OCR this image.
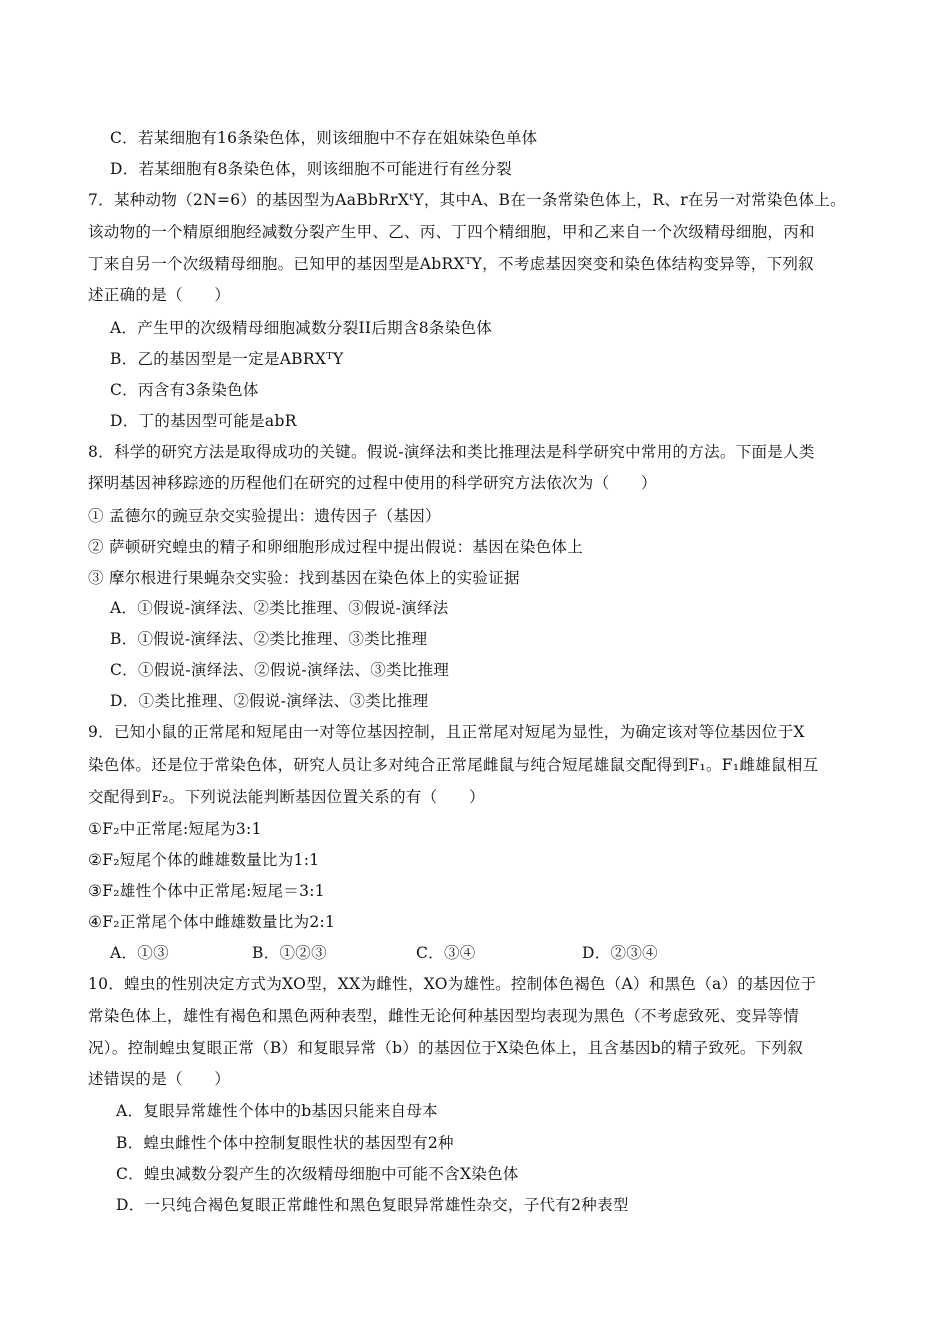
C．若某细胞有16条染色体，则该细胞中不存在姐妹染色单体
D．若某细胞有8条染色体，则该细胞不可能进行有丝分裂
7．某种动物（2N=6）的基因型为AaBbRrXᵗY，其中A、B在一条常染色体上，R、r在另一对常染色体上。
该动物的一个精原细胞经减数分裂产生甲、乙、丙、丁四个精细胞，甲和乙来自一个次级精母细胞，丙和
丁来自另一个次级精母细胞。已知甲的基因型是AbRXᵀY，不考虑基因突变和染色体结构变异等，下列叙
述正确的是（　　）
A．产生甲的次级精母细胞减数分裂II后期含8条染色体
B．乙的基因型是一定是ABRXᵀY
C．丙含有3条染色体
D．丁的基因型可能是abR
8．科学的研究方法是取得成功的关键。假说-演绎法和类比推理法是科学研究中常用的方法。下面是人类
探明基因神移踪迹的历程他们在研究的过程中使用的科学研究方法依次为（　　）
① 孟德尔的豌豆杂交实验提出：遗传因子（基因）
② 萨顿研究蝗虫的精子和卵细胞形成过程中提出假说：基因在染色体上
③ 摩尔根进行果蝇杂交实验：找到基因在染色体上的实验证据
A．①假说-演绎法、②类比推理、③假说-演绎法
B．①假说-演绎法、②类比推理、③类比推理
C．①假说-演绎法、②假说-演绎法、③类比推理
D．①类比推理、②假说-演绎法、③类比推理
9．已知小鼠的正常尾和短尾由一对等位基因控制，且正常尾对短尾为显性，为确定该对等位基因位于X
染色体。还是位于常染色体，研究人员让多对纯合正常尾雌鼠与纯合短尾雄鼠交配得到F₁。F₁雌雄鼠相互
交配得到F₂。下列说法能判断基因位置关系的有（　　）
①F₂中正常尾:短尾为3:1
②F₂短尾个体的雌雄数量比为1:1
③F₂雄性个体中正常尾:短尾＝3:1
④F₂正常尾个体中雌雄数量比为2:1
A．①③	B．①②③	C．③④	D．②③④
10．蝗虫的性别决定方式为XO型，XX为雌性，XO为雄性。控制体色褐色（A）和黑色（a）的基因位于
常染色体上，雄性有褐色和黑色两种表型，雌性无论何种基因型均表现为黑色（不考虑致死、变异等情
况）。控制蝗虫复眼正常（B）和复眼异常（b）的基因位于X染色体上，且含基因b的精子致死。下列叙
述错误的是（　　）
A．复眼异常雄性个体中的b基因只能来自母本
B．蝗虫雌性个体中控制复眼性状的基因型有2种
C．蝗虫减数分裂产生的次级精母细胞中可能不含X染色体
D．一只纯合褐色复眼正常雌性和黑色复眼异常雄性杂交，子代有2种表型
